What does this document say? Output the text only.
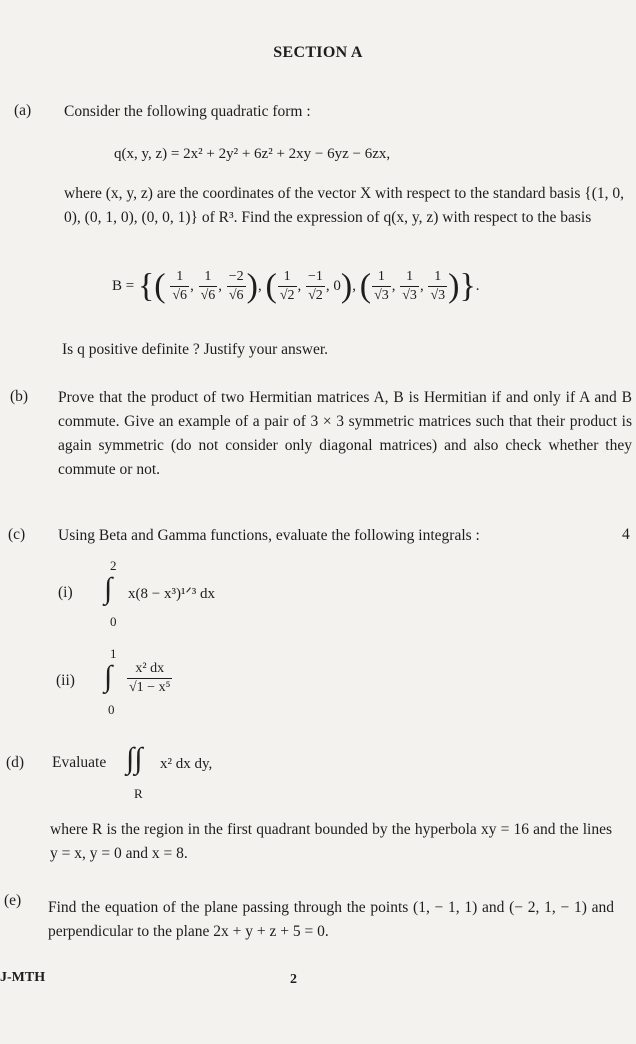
SECTION A
(a) Consider the following quadratic form :
q(x, y, z) = 2x² + 2y² + 6z² + 2xy − 6yz − 6zx,
where (x, y, z) are the coordinates of the vector X with respect to the standard basis {(1, 0, 0), (0, 1, 0), (0, 0, 1)} of R³. Find the expression of q(x, y, z) with respect to the basis
B = {( $\frac{1}{√6}$ , $\frac{1}{√6}$ , $\frac{-2}{√6}$ ), ( $\frac{1}{√2}$ , $\frac{-1}{√2}$ , 0), ( $\frac{1}{√3}$ , $\frac{1}{√3}$ , $\frac{1}{√3}$ )}.
Is q positive definite ? Justify your answer.
(b) Prove that the product of two Hermitian matrices A, B is Hermitian if and only if A and B commute. Give an example of a pair of 3 × 3 symmetric matrices such that their product is again symmetric (do not consider only diagonal matrices) and also check whether they commute or not.
(c) Using Beta and Gamma functions, evaluate the following integrals :	4
(i)
2
∫
0
x(8 − x³)¹ᐟ³ dx
(ii)
1
∫
0
$\frac{\text{x² dx}}{\text{√1 − x⁵}}$
(d) Evaluate ∫∫
R
x² dx dy,
where R is the region in the first quadrant bounded by the hyperbola xy = 16 and the lines y = x, y = 0 and x = 8.
(e) Find the equation of the plane passing through the points (1, − 1, 1) and (− 2, 1, − 1) and perpendicular to the plane 2x + y + z + 5 = 0.
J-MTH	2
